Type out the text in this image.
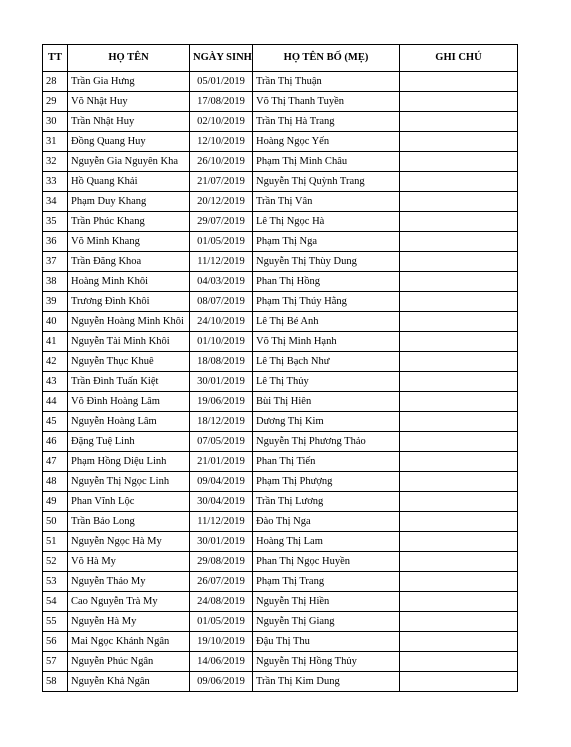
TT	HỌ TÊN	NGÀY SINH	HỌ TÊN BỐ (MẸ)	GHI CHÚ
28	Trần Gia Hưng	05/01/2019	Trần Thị Thuận	
29	Võ Nhật Huy	17/08/2019	Võ Thị Thanh Tuyền	
30	Trần Nhật Huy	02/10/2019	Trần Thị Hà Trang	
31	Đồng Quang Huy	12/10/2019	Hoàng Ngọc Yến	
32	Nguyễn Gia Nguyên Kha	26/10/2019	Phạm Thị Minh Châu	
33	Hồ Quang Khải	21/07/2019	Nguyễn Thị Quỳnh Trang	
34	Phạm Duy Khang	20/12/2019	Trần Thị Vân	
35	Trần Phúc Khang	29/07/2019	Lê Thị Ngọc Hà	
36	Võ Minh Khang	01/05/2019	Phạm Thị Nga	
37	Trần Đăng Khoa	11/12/2019	Nguyễn Thị Thùy Dung	
38	Hoàng Minh Khôi	04/03/2019	Phan Thị Hồng	
39	Trương Đình Khôi	08/07/2019	Phạm Thị Thúy Hằng	
40	Nguyễn Hoàng Minh Khôi	24/10/2019	Lê Thị Bé Anh	
41	Nguyễn Tài Minh Khôi	01/10/2019	Võ Thị Minh Hạnh	
42	Nguyễn Thục Khuê	18/08/2019	Lê Thị Bạch Như	
43	Trần Đình Tuấn Kiệt	30/01/2019	Lê Thị Thủy	
44	Võ Đình Hoàng Lâm	19/06/2019	Bùi Thị Hiên	
45	Nguyễn Hoàng Lâm	18/12/2019	Dương Thị Kim	
46	Đặng Tuệ Linh	07/05/2019	Nguyễn Thị Phương Thảo	
47	Phạm Hồng Diệu Linh	21/01/2019	Phan Thị Tiến	
48	Nguyễn Thị Ngọc Linh	09/04/2019	Phạm Thị Phượng	
49	Phan Vĩnh Lộc	30/04/2019	Trần Thị Lương	
50	Trần Bảo Long	11/12/2019	Đào Thị Nga	
51	Nguyễn Ngọc Hà My	30/01/2019	Hoàng Thị Lam	
52	Võ Hà My	29/08/2019	Phan Thị Ngọc Huyền	
53	Nguyễn Thảo My	26/07/2019	Phạm Thị Trang	
54	Cao Nguyễn Trà My	24/08/2019	Nguyễn Thị Hiền	
55	Nguyễn Hà My	01/05/2019	Nguyễn Thị Giang	
56	Mai Ngọc Khánh Ngân	19/10/2019	Đậu Thị Thu	
57	Nguyễn Phúc Ngân	14/06/2019	Nguyễn Thị Hồng Thủy	
58	Nguyễn Khả Ngân	09/06/2019	Trần Thị Kim Dung	
